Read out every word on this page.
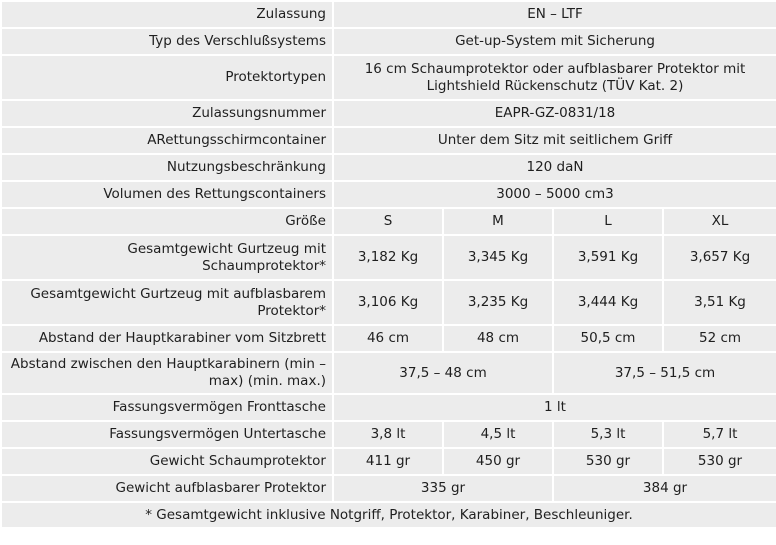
Zulassung	EN – LTF			
Typ des Verschlußsystems	Get-up-System mit Sicherung			
Protektortypen	16 cm Schaumprotektor oder aufblasbarer Protektor mit Lightshield Rückenschutz (TÜV Kat. 2)			
Zulassungsnummer	EAPR-GZ-0831/18			
ARettungsschirmcontainer	Unter dem Sitz mit seitlichem Griff			
Nutzungsbeschränkung	120 daN			
Volumen des Rettungscontainers	3000 – 5000 cm3			
Größe	S	M	L	XL
Gesamtgewicht Gurtzeug mit Schaumprotektor*	3,182 Kg	3,345 Kg	3,591 Kg	3,657 Kg
Gesamtgewicht Gurtzeug mit aufblasbarem Protektor*	3,106 Kg	3,235 Kg	3,444 Kg	3,51 Kg
Abstand der Hauptkarabiner vom Sitzbrett	46 cm	48 cm	50,5 cm	52 cm
Abstand zwischen den Hauptkarabinern (min – max) (min. max.)	37,5 – 48 cm		37,5 – 51,5 cm	
Fassungsvermögen Fronttasche	1 lt			
Fassungsvermögen Untertasche	3,8 lt	4,5 lt	5,3 lt	5,7 lt
Gewicht Schaumprotektor	411 gr	450 gr	530 gr	530 gr
Gewicht aufblasbarer Protektor	335 gr		384 gr	
* Gesamtgewicht inklusive Notgriff, Protektor, Karabiner, Beschleuniger.				
